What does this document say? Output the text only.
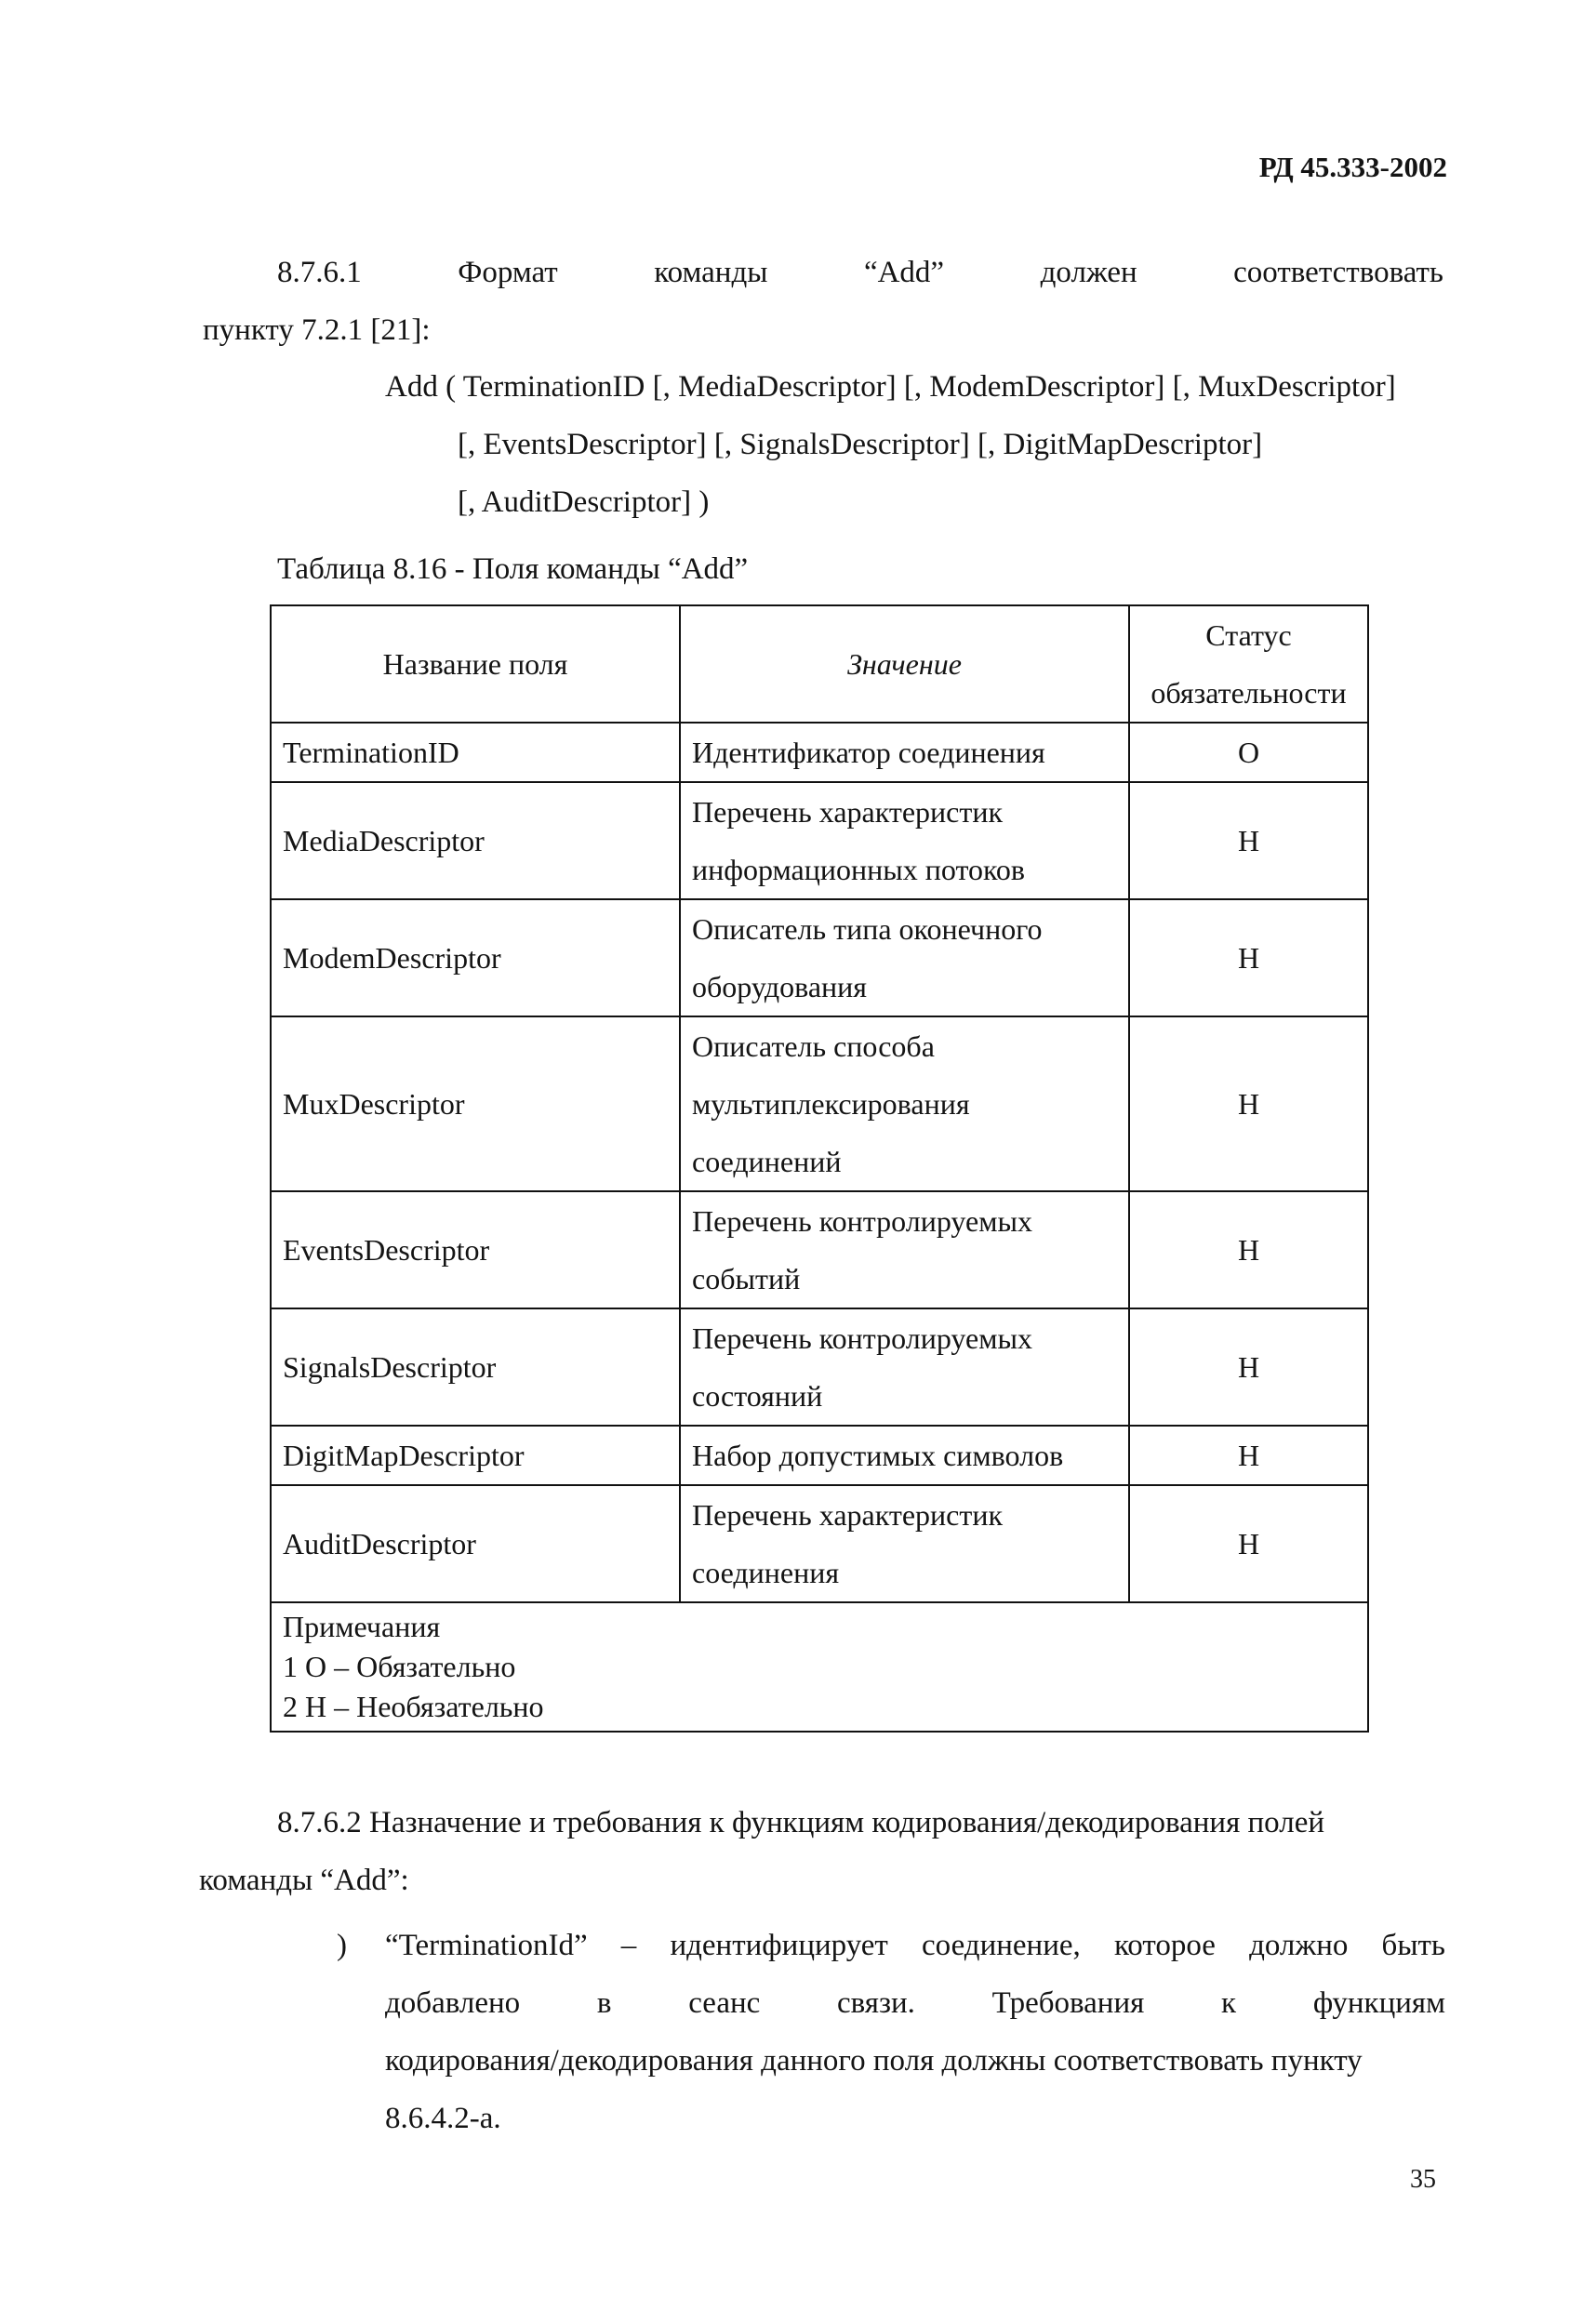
РД 45.333-2002
8.7.6.1	Формат	команды	“Add”	должен	соответствовать
пункту 7.2.1 [21]:
Add ( TerminationID [, MediaDescriptor] [, ModemDescriptor] [, MuxDescriptor]
[, EventsDescriptor] [, SignalsDescriptor] [, DigitMapDescriptor]
[, AuditDescriptor] )
Таблица 8.16 - Поля команды “Add”
Название поля	Значение	Статус обязательности
TerminationID	Идентификатор соединения	О
MediaDescriptor	Перечень характеристик информационных потоков	Н
ModemDescriptor	Описатель типа оконечного оборудования	Н
MuxDescriptor	Описатель способа мультиплексирования соединений	Н
EventsDescriptor	Перечень контролируемых событий	Н
SignalsDescriptor	Перечень контролируемых состояний	Н
DigitMapDescriptor	Набор допустимых символов	Н
AuditDescriptor	Перечень характеристик соединения	Н

Примечания
1 О – Обязательно
2 Н – Необязательно		
8.7.6.2 Назначение и требования к функциям кодирования/декодирования полей
команды “Add”:
) “TerminationId” – идентифицирует соединение, которое должно быть
добавлено	в	сеанс	связи.	Требования	к	функциям
кодирования/декодирования данного поля должны соответствовать пункту
8.6.4.2-а.
35
